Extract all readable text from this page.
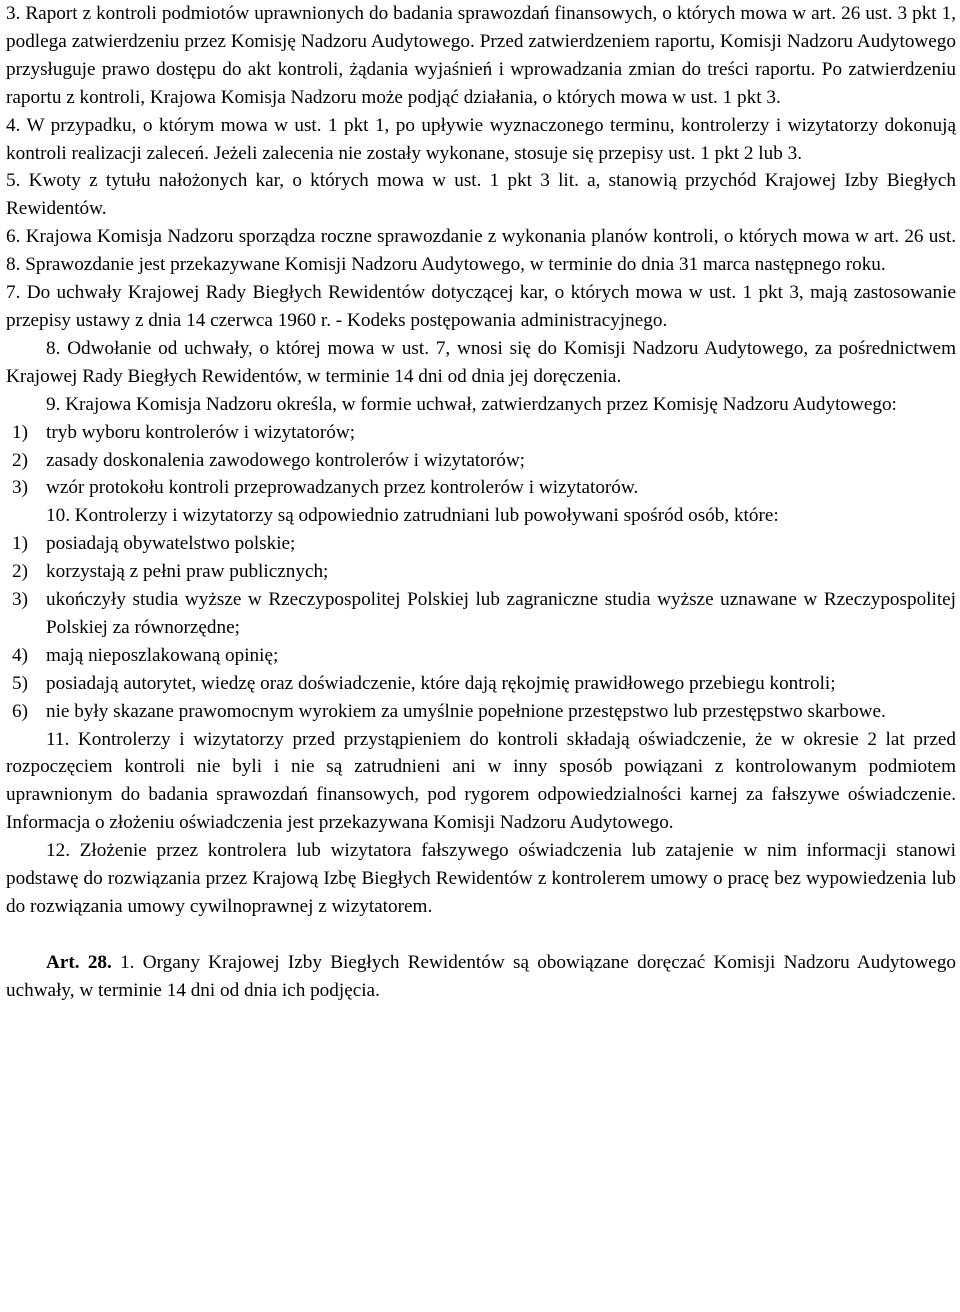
3. Raport z kontroli podmiotów uprawnionych do badania sprawozdań finansowych, o których mowa w art. 26 ust. 3 pkt 1, podlega zatwierdzeniu przez Komisję Nadzoru Audytowego. Przed zatwierdzeniem raportu, Komisji Nadzoru Audytowego przysługuje prawo dostępu do akt kontroli, żądania wyjaśnień i wprowadzania zmian do treści raportu. Po zatwierdzeniu raportu z kontroli, Krajowa Komisja Nadzoru może podjąć działania, o których mowa w ust. 1 pkt 3.

4. W przypadku, o którym mowa w ust. 1 pkt 1, po upływie wyznaczonego terminu, kontrolerzy i wizytatorzy dokonują kontroli realizacji zaleceń. Jeżeli zalecenia nie zostały wykonane, stosuje się przepisy ust. 1 pkt 2 lub 3.

5. Kwoty z tytułu nałożonych kar, o których mowa w ust. 1 pkt 3 lit. a, stanowią przychód Krajowej Izby Biegłych Rewidentów.

6. Krajowa Komisja Nadzoru sporządza roczne sprawozdanie z wykonania planów kontroli, o których mowa w art. 26 ust. 8. Sprawozdanie jest przekazywane Komisji Nadzoru Audytowego, w terminie do dnia 31 marca następnego roku.

7. Do uchwały Krajowej Rady Biegłych Rewidentów dotyczącej kar, o których mowa w ust. 1 pkt 3, mają zastosowanie przepisy ustawy z dnia 14 czerwca 1960 r. - Kodeks postępowania administracyjnego.

8. Odwołanie od uchwały, o której mowa w ust. 7, wnosi się do Komisji Nadzoru Audytowego, za pośrednictwem Krajowej Rady Biegłych Rewidentów, w terminie 14 dni od dnia jej doręczenia.

9. Krajowa Komisja Nadzoru określa, w formie uchwał, zatwierdzanych przez Komisję Nadzoru Audytowego:

1) tryb wyboru kontrolerów i wizytatorów;
2) zasady doskonalenia zawodowego kontrolerów i wizytatorów;
3) wzór protokołu kontroli przeprowadzanych przez kontrolerów i wizytatorów.

10. Kontrolerzy i wizytatorzy są odpowiednio zatrudniani lub powoływani spośród osób, które:

1) posiadają obywatelstwo polskie;
2) korzystają z pełni praw publicznych;
3) ukończyły studia wyższe w Rzeczypospolitej Polskiej lub zagraniczne studia wyższe uznawane w Rzeczypospolitej Polskiej za równorzędne;
4) mają nieposzlakowaną opinię;
5) posiadają autorytet, wiedzę oraz doświadczenie, które dają rękojmię prawidłowego przebiegu kontroli;
6) nie były skazane prawomocnym wyrokiem za umyślnie popełnione przestępstwo lub przestępstwo skarbowe.

11. Kontrolerzy i wizytatorzy przed przystąpieniem do kontroli składają oświadczenie, że w okresie 2 lat przed rozpoczęciem kontroli nie byli i nie są zatrudnieni ani w inny sposób powiązani z kontrolowanym podmiotem uprawnionym do badania sprawozdań finansowych, pod rygorem odpowiedzialności karnej za fałszywe oświadczenie. Informacja o złożeniu oświadczenia jest przekazywana Komisji Nadzoru Audytowego.

12. Złożenie przez kontrolera lub wizytatora fałszywego oświadczenia lub zatajenie w nim informacji stanowi podstawę do rozwiązania przez Krajową Izbę Biegłych Rewidentów z kontrolerem umowy o pracę bez wypowiedzenia lub do rozwiązania umowy cywilnoprawnej z wizytatorem.

Art. 28. 1. Organy Krajowej Izby Biegłych Rewidentów są obowiązane doręczać Komisji Nadzoru Audytowego uchwały, w terminie 14 dni od dnia ich podjęcia.
